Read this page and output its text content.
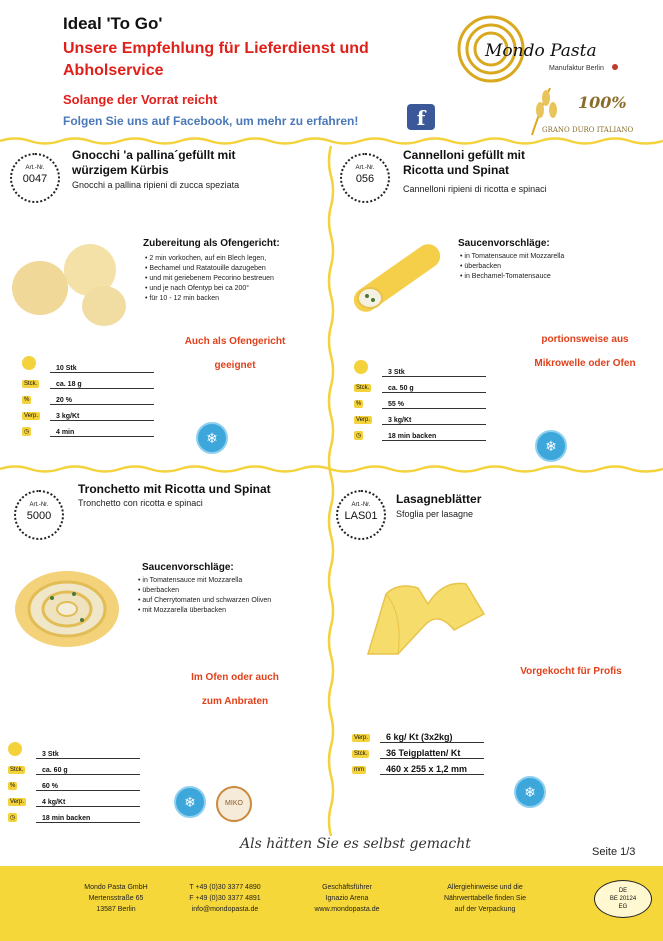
Ideal 'To Go'
Unsere Empfehlung für Lieferdienst und Abholservice
Solange der Vorrat reicht
Folgen Sie uns auf Facebook, um mehr zu erfahren!	f
Mondo Pasta
Manufaktur Berlin
100%
GRANO DURO ITALIANO
Art.-Nr.
0047
Gnocchi 'a pallina´gefüllt mit
würzigem Kürbis
Gnocchi a pallina ripieni di zucca speziata
Zubereitung als Ofengericht:
• 2 min vorkochen, auf ein Blech legen,
• Bechamel und Ratatouille dazugeben
• und mit geriebenem Pecorino bestreuen
• und je nach Ofentyp bei ca 200°
• für 10 - 12 min backen
Auch als Ofengericht
geeignet
	10 Stk
Stck.	ca. 18 g
%	20 %
Verp.	3 kg/Kt
◷	4 min	❄
Art.-Nr.
056
Cannelloni gefüllt mit
Ricotta und Spinat
Cannelloni ripieni di ricotta e spinaci
Saucenvorschläge:
• in Tomatensauce mit Mozzarella
• überbacken
• in Bechamel-Tomatensauce
portionsweise aus
Mikrowelle oder Ofen
	3 Stk
Stck.	ca. 50 g
%	55 %
Verp.	3 kg/Kt
◷	18 min backen
❄
Art.-Nr.
5000
Tronchetto mit Ricotta und Spinat
Tronchetto con ricotta e spinaci
Saucenvorschläge:
• in Tomatensauce mit Mozzarella
• überbacken
• auf Cherrytomaten und schwarzen Oliven
• mit Mozzarella überbacken
Im Ofen oder auch
zum Anbraten
	3 Stk
Stck.	ca. 60 g
%	60 %
Verp.	4 kg/Kt
◷	18 min backen
❄	MIKO
Art.-Nr.
LAS01
Lasagneblätter
Sfoglia per lasagne
Vorgekocht für Profis
Verp.	6 kg/ Kt (3x2kg)
Stck.	36 Teigplatten/ Kt
mm	460 x 255 x 1,2 mm
❄
Als hätten Sie es selbst gemacht	Seite 1/3
Mondo Pasta GmbH
Mertensstraße 65
13587 Berlin
T +49 (0)30 3377 4890
F +49 (0)30 3377 4891
info@mondopasta.de
Geschäftsführer
Ignazio Arena
www.mondopasta.de
Allergiehinweise und die
Nährwerttabelle finden Sie
auf der Verpackung
DE
BE 20124
EG
